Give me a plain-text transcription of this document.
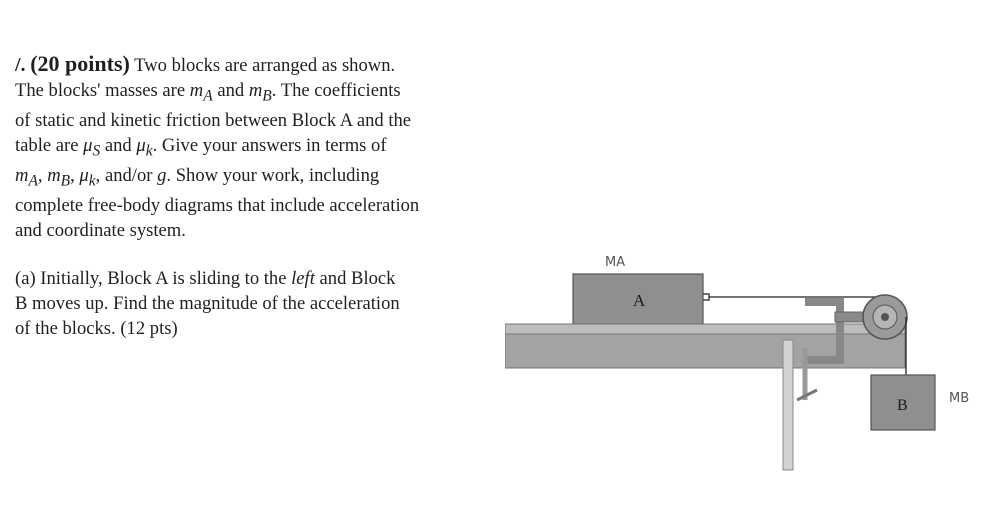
/. (20 points) Two blocks are arranged as shown.
The blocks' masses are $m_A$ and $m_B$. The coefficients
of static and kinetic friction between Block A and the
table are $\mu_S$ and $\mu_k$. Give your answers in terms of
$m_A$, $m_B$, $\mu_k$, and/or g. Show your work, including
complete free-body diagrams that include acceleration
and coordinate system.
(a) Initially, Block A is sliding to the left and Block
B moves up. Find the magnitude of the acceleration
of the blocks. (12 pts)
MA
A
B	MB
